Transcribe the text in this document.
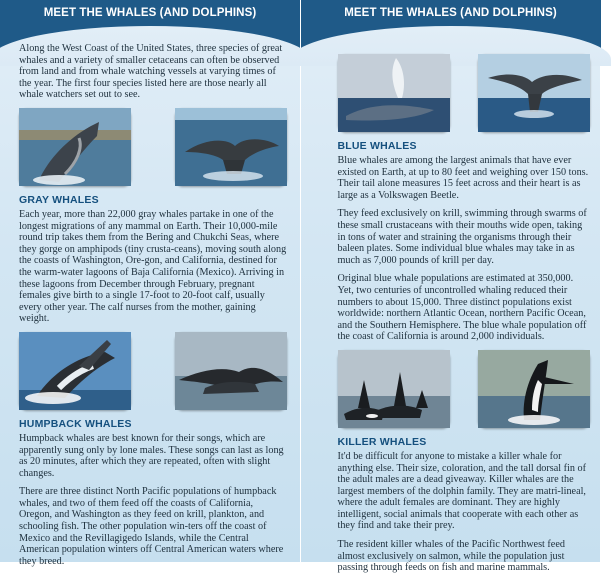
MEET THE WHALES (AND DOLPHINS)

Along the West Coast of the United States, three species of great whales and a variety of smaller cetaceans can often be observed from land and from whale watching vessels at varying times of the year. The first four species listed here are those nearly all whale watchers set out to see.

GRAY WHALES

Each year, more than 22,000 gray whales partake in one of the longest migrations of any mammal on Earth. Their 10,000-mile round trip takes them from the Bering and Chukchi Seas, where they gorge on amphipods (tiny crusta-ceans), moving south along the coasts of Washington, Ore-gon, and California, destined for the warm-water lagoons of Baja California (Mexico). Arriving in these lagoons from December through February, pregnant females give birth to a single 17-foot to 20-foot calf, usually every other year. The calf nurses from the mother, gaining weight.

HUMPBACK WHALES

Humpback whales are best known for their songs, which are apparently sung only by lone males. These songs can last as long as 20 minutes, after which they are repeated, often with slight changes.

There are three distinct North Pacific populations of humpback whales, and two of them feed off the coasts of California, Oregon, and Washington as they feed on krill, plankton, and schooling fish. The other population win-ters off the coast of Mexico and the Revillagigedo Islands, while the Central American population winters off Central American waters where they breed.

MEET THE WHALES (AND DOLPHINS)
BLUE WHALES

Blue whales are among the largest animals that have ever existed on Earth, at up to 80 feet and weighing over 150 tons. Their tail alone measures 15 feet across and their heart is as large as a Volkswagen Beetle.

They feed exclusively on krill, swimming through swarms of these small crustaceans with their mouths wide open, taking in tons of water and straining the organisms through their baleen plates. Some individual blue whales may take in as much as 7,000 pounds of krill per day.

Original blue whale populations are estimated at 350,000. Yet, two centuries of uncontrolled whaling reduced their numbers to about 15,000. Three distinct populations exist worldwide: northern Atlantic Ocean, northern Pacific Ocean, and the Southern Hemisphere. The blue whale population off the coast of California is around 2,000 individuals.

KILLER WHALES

It'd be difficult for anyone to mistake a killer whale for anything else. Their size, coloration, and the tall dorsal fin of the adult males are a dead giveaway. Killer whales are the largest members of the dolphin family. They are matri-lineal, where the adult females are dominant. They are highly intelligent, social animals that cooperate with each other as they find and take their prey.

The resident killer whales of the Pacific Northwest feed almost exclusively on salmon, while the population just passing through feeds on fish and marine mammals.
